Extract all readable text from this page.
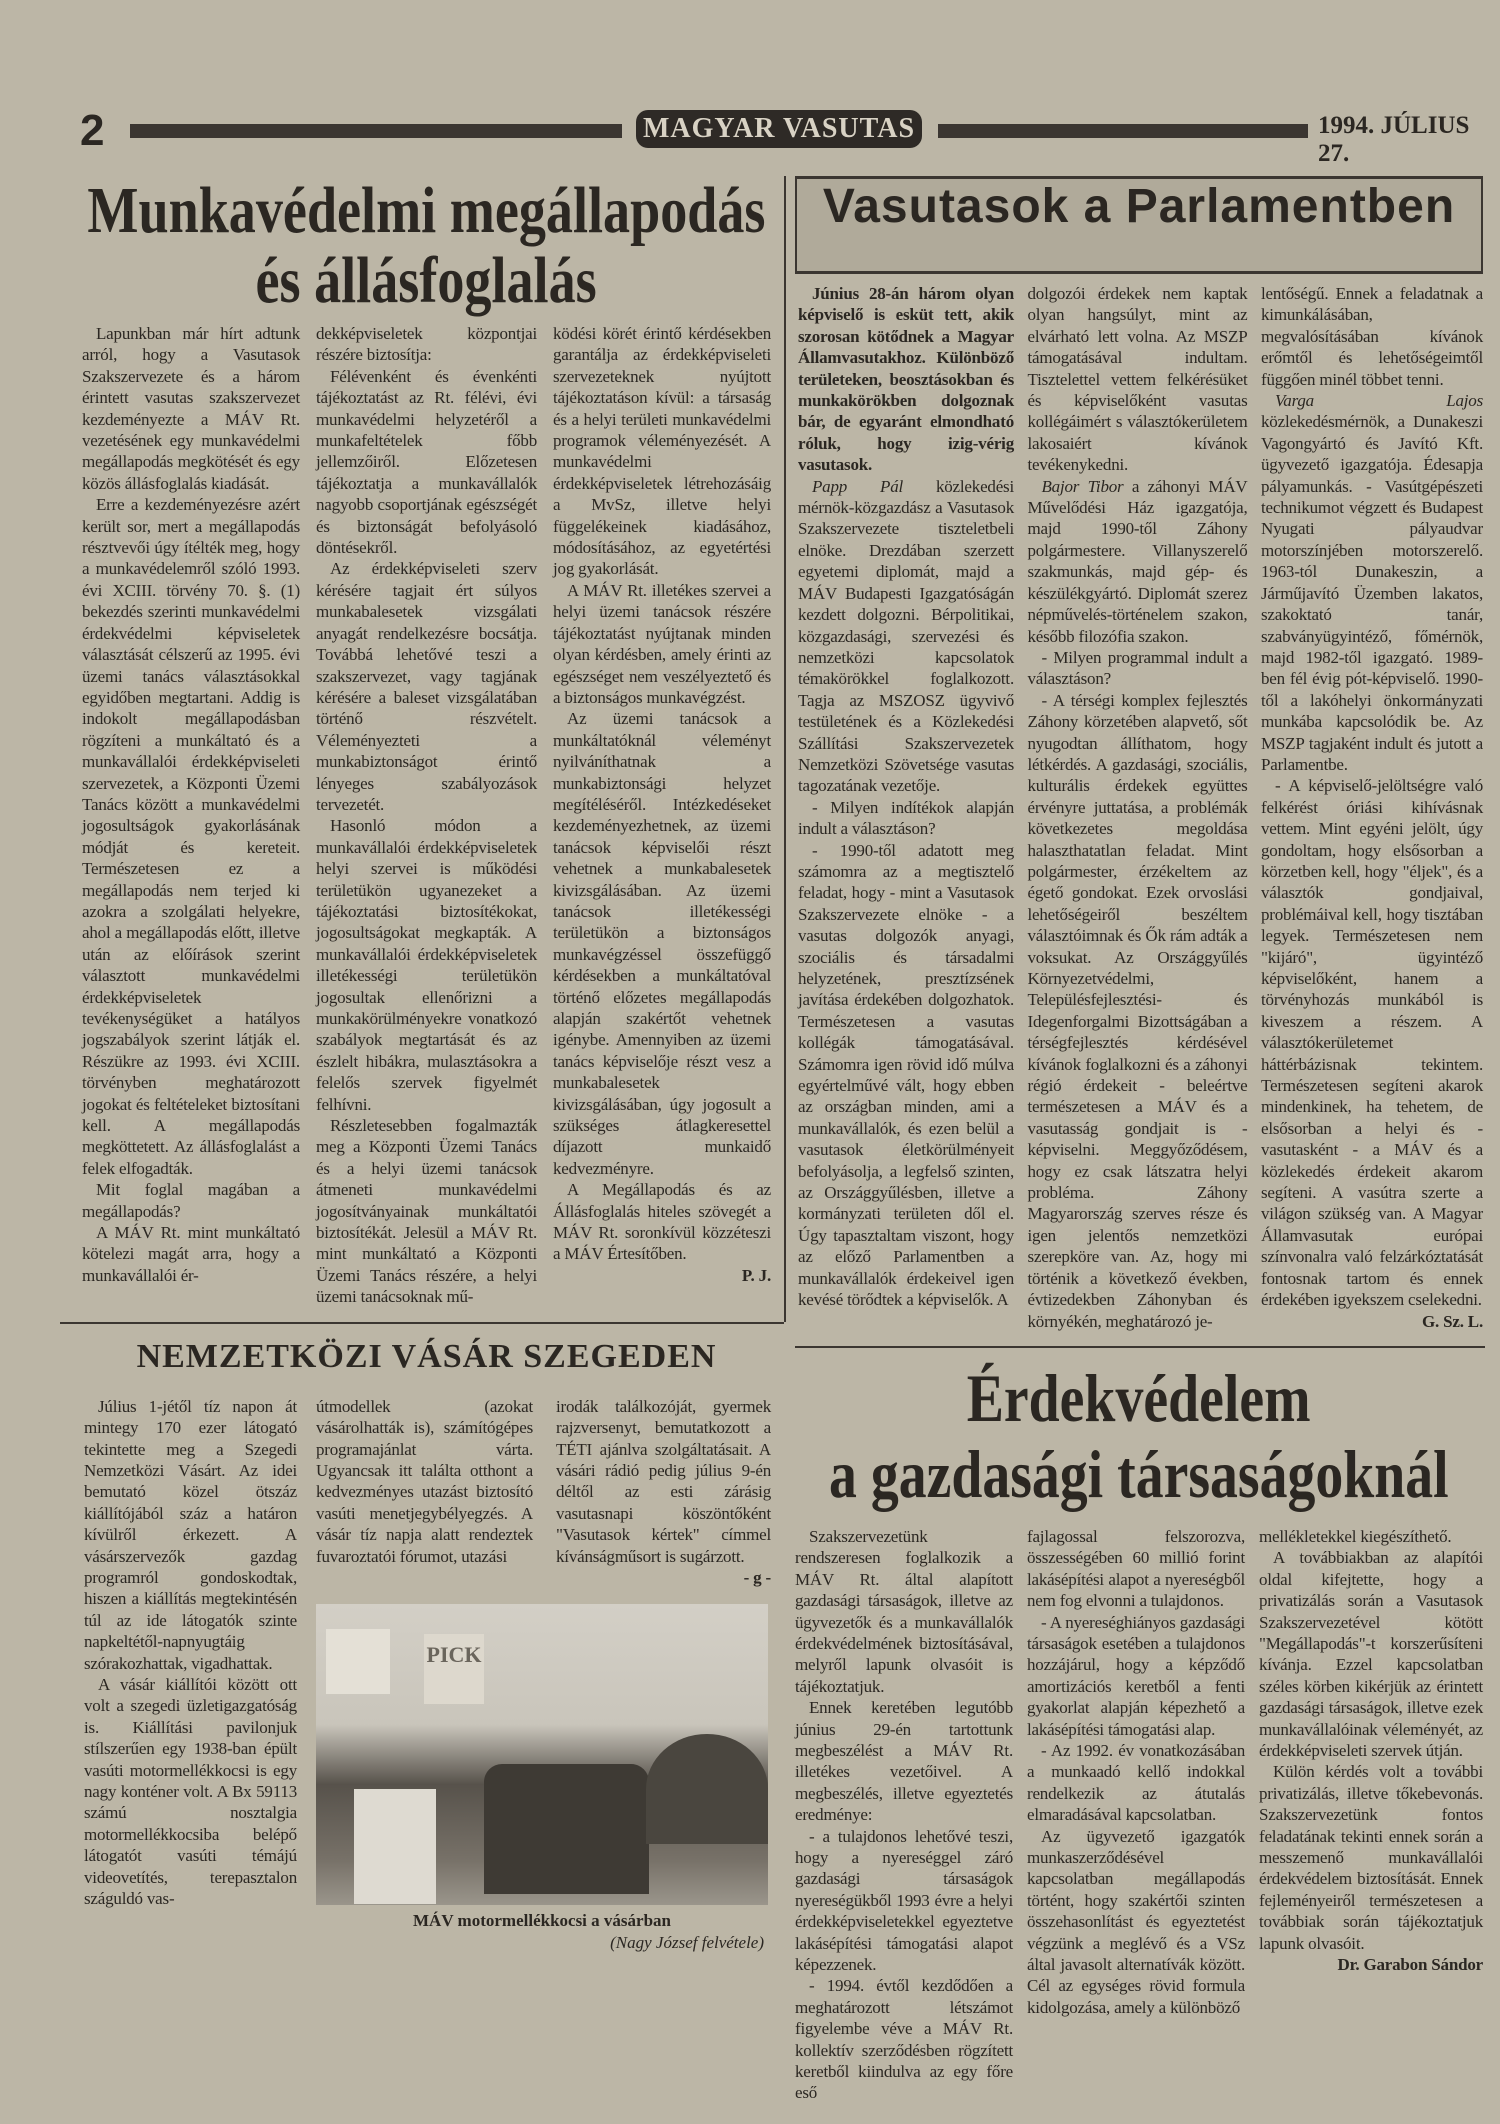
2	MAGYAR VASUTAS	1994. JÚLIUS 27.
Munkavédelmi megállapodás
és állásfoglalás

Lapunkban már hírt adtunk arról, hogy a Vasutasok Szakszervezete és a három érintett vasutas szakszervezet kezdeményezte a MÁV Rt. vezetésének egy munkavédelmi megállapodás megkötését és egy közös állásfoglalás kiadását.

Erre a kezdeményezésre azért került sor, mert a megállapodás résztvevői úgy ítélték meg, hogy a munkavédelemről szóló 1993. évi XCIII. törvény 70. §. (1) bekezdés szerinti munkavédelmi érdekvédelmi képviseletek választását célszerű az 1995. évi üzemi tanács választásokkal egyidőben megtartani. Addig is indokolt megállapodásban rögzíteni a munkáltató és a munkavállalói érdekképviseleti szervezetek, a Központi Üzemi Tanács között a munkavédelmi jogosultságok gyakorlásának módját és kereteit. Természetesen ez a megállapodás nem terjed ki azokra a szolgálati helyekre, ahol a megállapodás előtt, illetve után az előírások szerint választott munkavédelmi érdekképviseletek tevékenységüket a hatályos jogszabályok szerint látják el. Részükre az 1993. évi XCIII. törvényben meghatározott jogokat és feltételeket biztosítani kell. A megállapodás megköttetett. Az állásfoglalást a felek elfogadták.

Mit foglal magában a megállapodás?

A MÁV Rt. mint munkáltató kötelezi magát arra, hogy a munkavállalói ér-

dekképviseletek központjai részére biztosítja:

Félévenként és évenkénti tájékoztatást az Rt. félévi, évi munkavédelmi helyzetéről a munkafeltételek főbb jellemzőiről. Előzetesen tájékoztatja a munkavállalók nagyobb csoportjának egészségét és biztonságát befolyásoló döntésekről.

Az érdekképviseleti szerv kérésére tagjait ért súlyos munkabalesetek vizsgálati anyagát rendelkezésre bocsátja. Továbbá lehetővé teszi a szakszervezet, vagy tagjának kérésére a baleset vizsgálatában történő részvételt. Véleményezteti a munkabiztonságot érintő lényeges szabályozások tervezetét.

Hasonló módon a munkavállalói érdekképviseletek helyi szervei is működési területükön ugyanezeket a tájékoztatási biztosítékokat, jogosultságokat megkapták. A munkavállalói érdekképviseletek illetékességi területükön jogosultak ellenőrizni a munkakörülményekre vonatkozó szabályok megtartását és az észlelt hibákra, mulasztásokra a felelős szervek figyelmét felhívni.

Részletesebben fogalmazták meg a Központi Üzemi Tanács és a helyi üzemi tanácsok átmeneti munkavédelmi jogosítványainak munkáltatói biztosítékát. Jelesül a MÁV Rt. mint munkáltató a Központi Üzemi Tanács részére, a helyi üzemi tanácsoknak mű-

ködési körét érintő kérdésekben garantálja az érdekképviseleti szervezeteknek nyújtott tájékoztatáson kívül: a társaság és a helyi területi munkavédelmi programok véleményezését. A munkavédelmi érdekképviseletek létrehozásáig a MvSz, illetve helyi függelékeinek kiadásához, módosításához, az egyetértési jog gyakorlását.

A MÁV Rt. illetékes szervei a helyi üzemi tanácsok részére tájékoztatást nyújtanak minden olyan kérdésben, amely érinti az egészséget nem veszélyeztető és a biztonságos munkavégzést.

Az üzemi tanácsok a munkáltatóknál véleményt nyilváníthatnak a munkabiztonsági helyzet megítéléséről. Intézkedéseket kezdeményezhetnek, az üzemi tanácsok képviselői részt vehetnek a munkabalesetek kivizsgálásában. Az üzemi tanácsok illetékességi területükön a biztonságos munkavégzéssel összefüggő kérdésekben a munkáltatóval történő előzetes megállapodás alapján szakértőt vehetnek igénybe. Amennyiben az üzemi tanács képviselője részt vesz a munkabalesetek kivizsgálásában, úgy jogosult a szükséges átlagkeresettel díjazott munkaidő kedvezményre.

A Megállapodás és az Állásfoglalás hiteles szövegét a MÁV Rt. soronkívül közzéteszi a MÁV Értesítőben.

P. J.

NEMZETKÖZI VÁSÁR SZEGEDEN

Július 1-jétől tíz napon át mintegy 170 ezer látogató tekintette meg a Szegedi Nemzetközi Vásárt. Az idei bemutató közel ötszáz kiállítójából száz a határon kívülről érkezett. A vásárszervezők gazdag programról gondoskodtak, hiszen a kiállítás megtekintésén túl az ide látogatók szinte napkeltétől-napnyugtáig szórakozhattak, vigadhattak.

A vásár kiállítói között ott volt a szegedi üzletigazgatóság is. Kiállítási pavilonjuk stílszerűen egy 1938-ban épült vasúti motormellékkocsi is egy nagy konténer volt. A Bx 59113 számú nosztalgia motormellékkocsiba belépő látogatót vasúti témájú videovetítés, terepasztalon száguldó vas-

útmodellek (azokat vásárolhatták is), számítógépes programajánlat várta. Ugyancsak itt találta otthont a kedvezményes utazást biztosító vasúti menetjegybélyegzés. A vásár tíz napja alatt rendeztek fuvaroztatói fórumot, utazási

irodák találkozóját, gyermek rajzversenyt, bemutatkozott a TÉTI ajánlva szolgáltatásait. A vásári rádió pedig július 9-én déltől az esti zárásig vasutasnapi köszöntőként "Vasutasok kértek" címmel kívánságműsort is sugárzott.

- g -

PICK
MÁV motormellékkocsi a vásárban
(Nagy József felvétele)
Vasutasok a Parlamentben

Június 28-án három olyan képviselő is esküt tett, akik szorosan kötődnek a Magyar Államvasutakhoz. Különböző területeken, beosztásokban és munkakörökben dolgoznak bár, de egyaránt elmondható róluk, hogy izig-vérig vasutasok.

Papp Pál közlekedési mérnök-közgazdász a Vasutasok Szakszervezete tiszteletbeli elnöke. Drezdában szerzett egyetemi diplomát, majd a MÁV Budapesti Igazgatóságán kezdett dolgozni. Bérpolitikai, közgazdasági, szervezési és nemzetközi kapcsolatok témakörökkel foglalkozott. Tagja az MSZOSZ ügyvivő testületének és a Közlekedési Szállítási Szakszervezetek Nemzetközi Szövetsége vasutas tagozatának vezetője.

- Milyen indítékok alapján indult a választáson?

- 1990-től adatott meg számomra az a megtisztelő feladat, hogy - mint a Vasutasok Szakszervezete elnöke - a vasutas dolgozók anyagi, szociális és társadalmi helyzetének, presztízsének javítása érdekében dolgozhatok. Természetesen a vasutas kollégák támogatásával. Számomra igen rövid idő múlva egyértelművé vált, hogy ebben az országban minden, ami a munkavállalók, és ezen belül a vasutasok életkörülményeit befolyásolja, a legfelső szinten, az Országgyűlésben, illetve a kormányzati területen dől el. Úgy tapasztaltam viszont, hogy az előző Parlamentben a munkavállalók érdekeivel igen kevésé törődtek a képviselők. A

dolgozói érdekek nem kaptak olyan hangsúlyt, mint az elvárható lett volna. Az MSZP támogatásával indultam. Tisztelettel vettem felkérésüket és képviselőként vasutas kollégáimért s választókerületem lakosaiért kívánok tevékenykedni.

Bajor Tibor a záhonyi MÁV Művelődési Ház igazgatója, majd 1990-től Záhony polgármestere. Villanyszerelő szakmunkás, majd gép- és készülékgyártó. Diplomát szerez népművelés-történelem szakon, később filozófia szakon.

- Milyen programmal indult a választáson?

- A térségi komplex fejlesztés Záhony körzetében alapvető, sőt nyugodtan állíthatom, hogy létkérdés. A gazdasági, szociális, kulturális érdekek együttes érvényre juttatása, a problémák következetes megoldása halaszthatatlan feladat. Mint polgármester, érzékeltem az égető gondokat. Ezek orvoslási lehetőségeiről beszéltem választóimnak és Ők rám adták a voksukat. Az Országgyűlés Környezetvédelmi, Településfejlesztési- és Idegenforgalmi Bizottságában a térségfejlesztés kérdésével kívánok foglalkozni és a záhonyi régió érdekeit - beleértve természetesen a MÁV és a vasutasság gondjait is - képviselni. Meggyőződésem, hogy ez csak látszatra helyi probléma. Záhony Magyarország szerves része és igen jelentős nemzetközi szerepköre van. Az, hogy mi történik a következő években, évtizedekben Záhonyban és környékén, meghatározó je-

lentőségű. Ennek a feladatnak a kimunkálásában, megvalósításában kívánok erőmtől és lehetőségeimtől függően minél többet tenni.

Varga Lajos közlekedésmérnök, a Dunakeszi Vagongyártó és Javító Kft. ügyvezető igazgatója. Édesapja pályamunkás. - Vasútgépészeti technikumot végzett és Budapest Nyugati pályaudvar motorszínjében motorszerelő. 1963-tól Dunakeszin, a Járműjavító Üzemben lakatos, szakoktató tanár, szabványügyintéző, főmérnök, majd 1982-től igazgató. 1989-ben fél évig pót-képviselő. 1990-től a lakóhelyi önkormányzati munkába kapcsolódik be. Az MSZP tagjaként indult és jutott a Parlamentbe.

- A képviselő-jelöltségre való felkérést óriási kihívásnak vettem. Mint egyéni jelölt, úgy gondoltam, hogy elsősorban a körzetben kell, hogy "éljek", és a választók gondjaival, problémáival kell, hogy tisztában legyek. Természetesen nem "kijáró", ügyintéző képviselőként, hanem a törvényhozás munkából is kiveszem a részem. A választókerületemet háttérbázisnak tekintem. Természetesen segíteni akarok mindenkinek, ha tehetem, de elsősorban a helyi és - vasutasként - a MÁV és a közlekedés érdekeit akarom segíteni. A vasútra szerte a világon szükség van. A Magyar Államvasutak európai színvonalra való felzárkóztatását fontosnak tartom és ennek érdekében igyekszem cselekedni.

G. Sz. L.

Érdekvédelem
a gazdasági társaságoknál

Szakszervezetünk rendszeresen foglalkozik a MÁV Rt. által alapított gazdasági társaságok, illetve az ügyvezetők és a munkavállalók érdekvédelmének biztosításával, melyről lapunk olvasóit is tájékoztatjuk.

Ennek keretében legutóbb június 29-én tartottunk megbeszélést a MÁV Rt. illetékes vezetőivel. A megbeszélés, illetve egyeztetés eredménye:

- a tulajdonos lehetővé teszi, hogy a nyereséggel záró gazdasági társaságok nyereségükből 1993 évre a helyi érdekképviseletekkel egyeztetve lakásépítési támogatási alapot képezzenek.

- 1994. évtől kezdődően a meghatározott létszámot figyelembe véve a MÁV Rt. kollektív szerződésben rögzített keretből kiindulva az egy főre eső

fajlagossal felszorozva, összességében 60 millió forint lakásépítési alapot a nyereségből nem fog elvonni a tulajdonos.

- A nyereséghiányos gazdasági társaságok esetében a tulajdonos hozzájárul, hogy a képződő amortizációs keretből a fenti gyakorlat alapján képezhető a lakásépítési támogatási alap.

- Az 1992. év vonatkozásában a munkaadó kellő indokkal rendelkezik az átutalás elmaradásával kapcsolatban.

Az ügyvezető igazgatók munkaszerződésével kapcsolatban megállapodás történt, hogy szakértői szinten összehasonlítást és egyeztetést végzünk a meglévő és a VSz által javasolt alternatívák között. Cél az egységes rövid formula kidolgozása, amely a különböző

mellékletekkel kiegészíthető.

A továbbiakban az alapítói oldal kifejtette, hogy a privatizálás során a Vasutasok Szakszervezetével kötött "Megállapodás"-t korszerűsíteni kívánja. Ezzel kapcsolatban széles körben kikérjük az érintett gazdasági társaságok, illetve ezek munkavállalóinak véleményét, az érdekképviseleti szervek útján.

Külön kérdés volt a további privatizálás, illetve tőkebevonás. Szakszervezetünk fontos feladatának tekinti ennek során a messzemenő munkavállalói érdekvédelem biztosítását. Ennek fejleményeiről természetesen a továbbiak során tájékoztatjuk lapunk olvasóit.

Dr. Garabon Sándor
